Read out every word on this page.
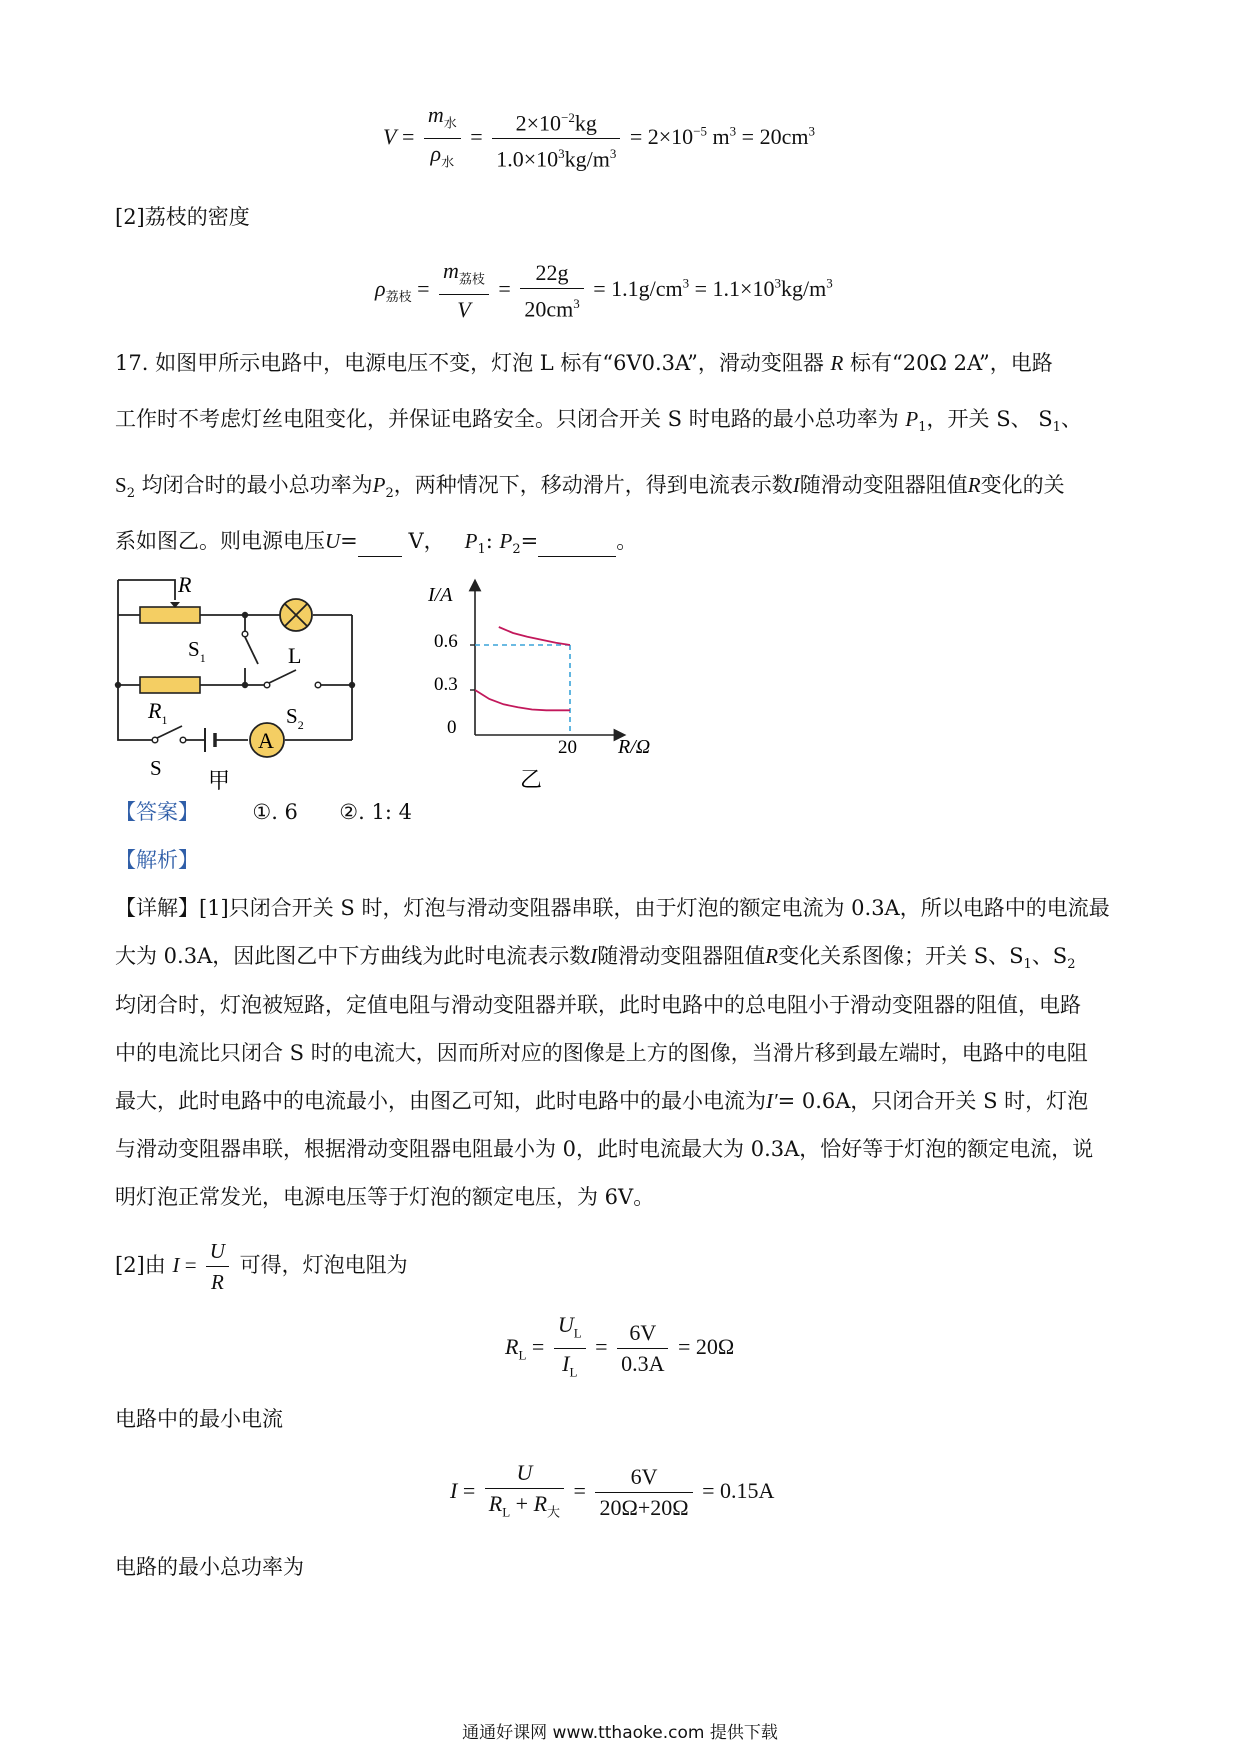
$V = \frac{m_水}{\rho_水} = \frac{2\times 10^{-2}kg}{1.0\times 10^3kg/m^3} = 2\times 10^{-5}$ $m^3 = 20cm^3$
[2]荔枝的密度
$\rho_{荔枝} = \frac{m_{荔枝}}{V} = \frac{22g}{20cm^3} = 1.1g/cm^3 = 1.1\times 10^3kg/m^3$
17. 如图甲所示电路中，电源电压不变，灯泡 L 标有“6V0.3A”，滑动变阻器 R 标有“20Ω 2A”，电路
工作时不考虑灯丝电阻变化，并保证电路安全。只闭合开关 S 时电路的最小总功率为 $P_1$，开关 S、 $S_1$、
$S_2$ 均闭合时的最小总功率为$P_2$，两种情况下，移动滑片，得到电流表示数I随滑动变阻器阻值R变化的关
系如图乙。则电源电压U= V， $P_1$: $P_2=$	。
R
L
$S_1$
$R_1$	$S_2$
S
A
甲
I/A
R/Ω
0.6
0.3
0
20
乙
【答案】	①. 6 ②. 1: 4
【解析】
【详解】[1]只闭合开关 S 时，灯泡与滑动变阻器串联，由于灯泡的额定电流为 0.3A，所以电路中的电流最
大为 0.3A，因此图乙中下方曲线为此时电流表示数I随滑动变阻器阻值R变化关系图像；开关 S、$S_1$、$S_2$
均闭合时，灯泡被短路，定值电阻与滑动变阻器并联，此时电路中的总电阻小于滑动变阻器的阻值，电路
中的电流比只闭合 S 时的电流大，因而所对应的图像是上方的图像，当滑片移到最左端时，电路中的电阻
最大，此时电路中的电流最小，由图乙可知，此时电路中的最小电流为I′= 0.6A，只闭合开关 S 时，灯泡
与滑动变阻器串联，根据滑动变阻器电阻最小为 0，此时电流最大为 0.3A，恰好等于灯泡的额定电流，说
明灯泡正常发光，电源电压等于灯泡的额定电压，为 6V。
[2]由 $I = \frac{U}{R}$ 可得，灯泡电阻为
$R_L = \frac{U_L}{I_L} = \frac{6V}{0.3A} = 20\Omega$
电路中的最小电流
$I = \frac{U}{R_L + R_大} = \frac{6V}{20\Omega+20\Omega} = 0.15A$
电路的最小总功率为
通通好课网 www.tthaoke.com 提供下载
